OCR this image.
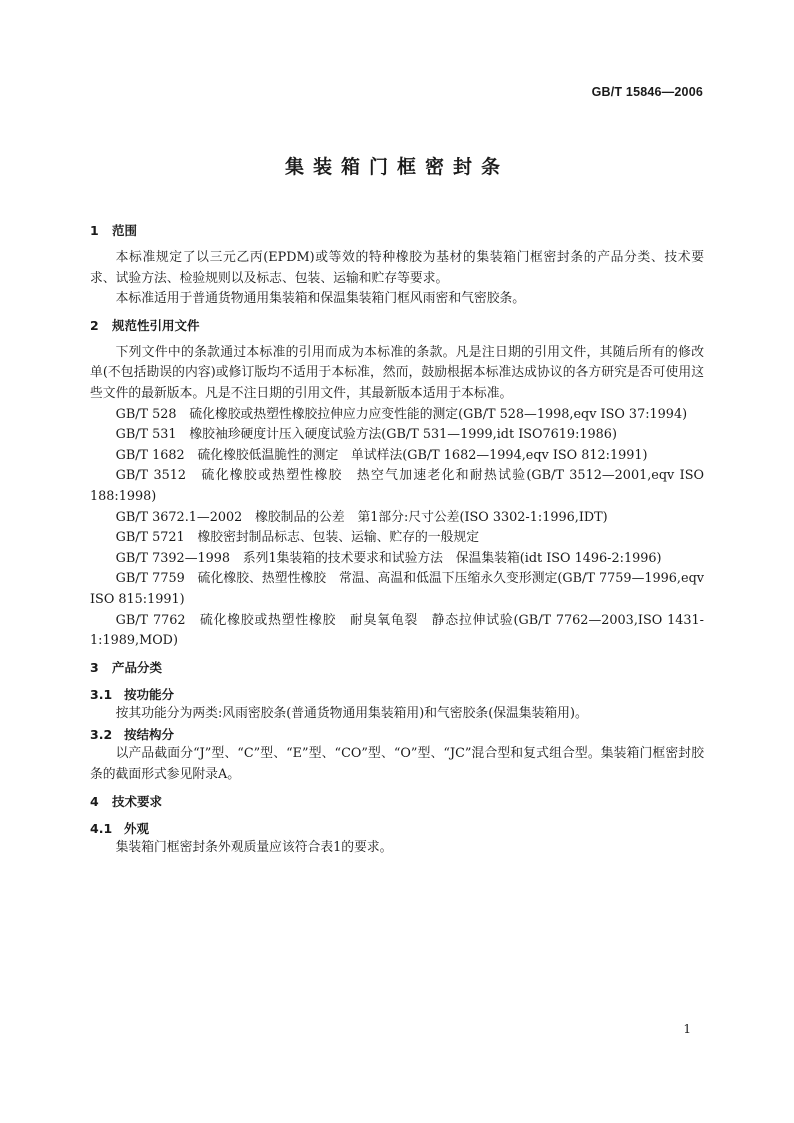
GB/T 15846—2006
集装箱门框密封条
1 范围

本标准规定了以三元乙丙(EPDM)或等效的特种橡胶为基材的集装箱门框密封条的产品分类、技术要求、试验方法、检验规则以及标志、包装、运输和贮存等要求。

本标准适用于普通货物通用集装箱和保温集装箱门框风雨密和气密胶条。

2 规范性引用文件

下列文件中的条款通过本标准的引用而成为本标准的条款。凡是注日期的引用文件，其随后所有的修改单(不包括勘误的内容)或修订版均不适用于本标准，然而，鼓励根据本标准达成协议的各方研究是否可使用这些文件的最新版本。凡是不注日期的引用文件，其最新版本适用于本标准。

GB/T 528　硫化橡胶或热塑性橡胶拉伸应力应变性能的测定(GB/T 528—1998,eqv ISO 37:1994)

GB/T 531　橡胶袖珍硬度计压入硬度试验方法(GB/T 531—1999,idt ISO7619:1986)

GB/T 1682　硫化橡胶低温脆性的测定　单试样法(GB/T 1682—1994,eqv ISO 812:1991)

GB/T 3512　硫化橡胶或热塑性橡胶　热空气加速老化和耐热试验(GB/T 3512—2001,eqv ISO 188:1998)

GB/T 3672.1—2002　橡胶制品的公差　第1部分:尺寸公差(ISO 3302-1:1996,IDT)

GB/T 5721　橡胶密封制品标志、包装、运输、贮存的一般规定

GB/T 7392—1998　系列1集装箱的技术要求和试验方法　保温集装箱(idt ISO 1496-2:1996)

GB/T 7759　硫化橡胶、热塑性橡胶　常温、高温和低温下压缩永久变形测定(GB/T 7759—1996,eqv ISO 815:1991)

GB/T 7762　硫化橡胶或热塑性橡胶　耐臭氧龟裂　静态拉伸试验(GB/T 7762—2003,ISO 1431-1:1989,MOD)

3 产品分类
3.1 按功能分

按其功能分为两类:风雨密胶条(普通货物通用集装箱用)和气密胶条(保温集装箱用)。

3.2 按结构分

以产品截面分“J”型、“C”型、“E”型、“CO”型、“O”型、“JC”混合型和复式组合型。集装箱门框密封胶条的截面形式参见附录A。

4 技术要求
4.1 外观

集装箱门框密封条外观质量应该符合表1的要求。

1
